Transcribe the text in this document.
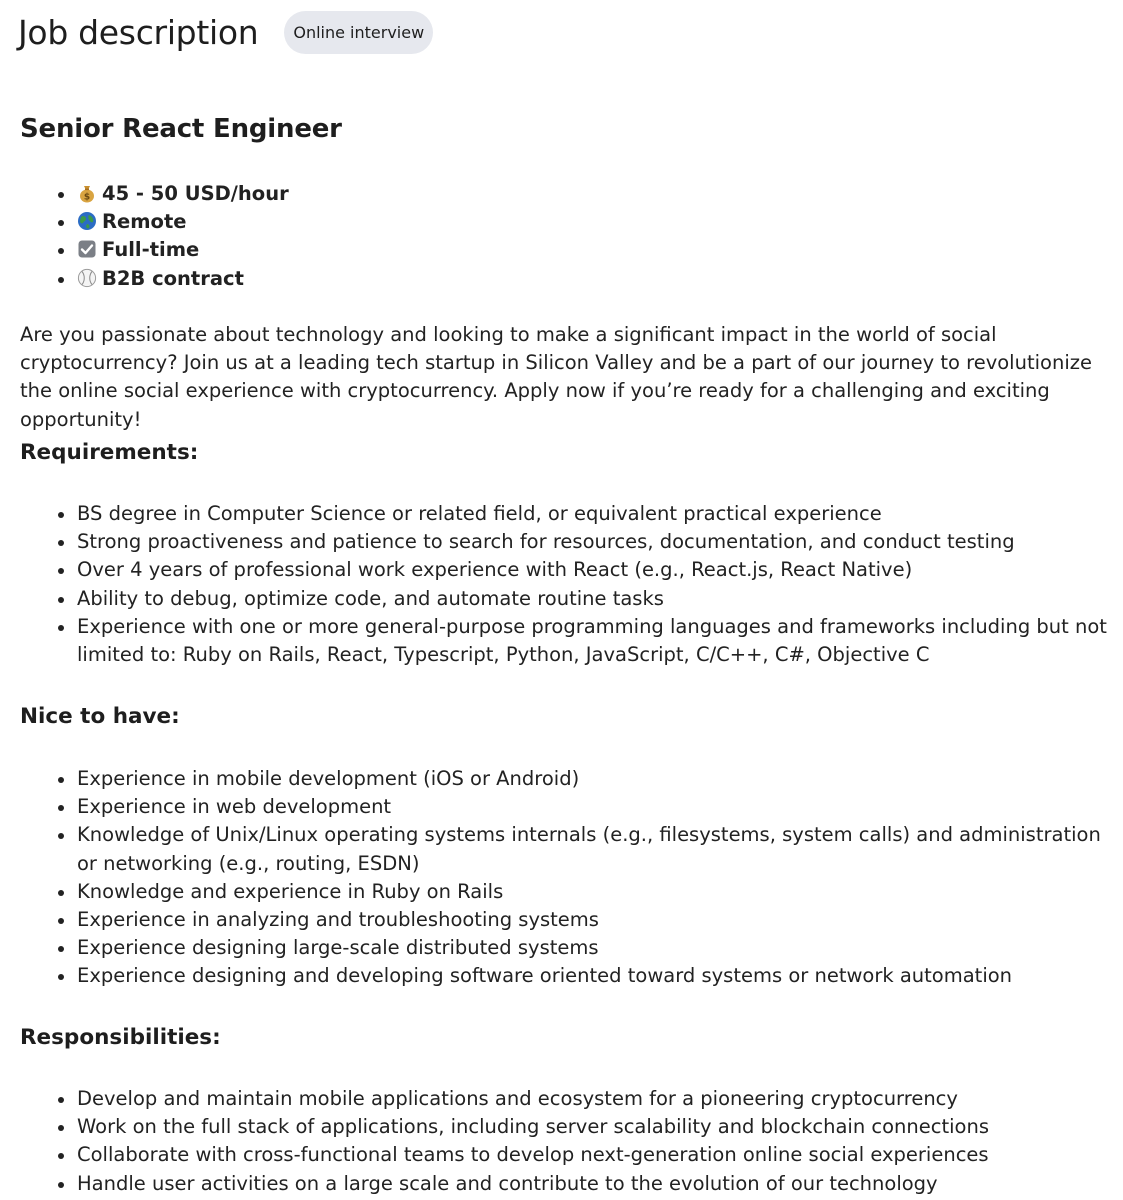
Job description	Online interview
Senior React Engineer
$ 45 - 50 USD/hour
Remote
Full-time
B2B contract

Are you passionate about technology and looking to make a significant impact in the world of social cryptocurrency? Join us at a leading tech startup in Silicon Valley and be a part of our journey to revolutionize the online social experience with cryptocurrency. Apply now if you’re ready for a challenging and exciting opportunity!

Requirements:
BS degree in Computer Science or related field, or equivalent practical experience
Strong proactiveness and patience to search for resources, documentation, and conduct testing
Over 4 years of professional work experience with React (e.g., React.js, React Native)
Ability to debug, optimize code, and automate routine tasks
Experience with one or more general-purpose programming languages and frameworks including but not limited to: Ruby on Rails, React, Typescript, Python, JavaScript, C/C++, C#, Objective C
Nice to have:
Experience in mobile development (iOS or Android)
Experience in web development
Knowledge of Unix/Linux operating systems internals (e.g., filesystems, system calls) and administration or networking (e.g., routing, ESDN)
Knowledge and experience in Ruby on Rails
Experience in analyzing and troubleshooting systems
Experience designing large-scale distributed systems
Experience designing and developing software oriented toward systems or network automation
Responsibilities:
Develop and maintain mobile applications and ecosystem for a pioneering cryptocurrency
Work on the full stack of applications, including server scalability and blockchain connections
Collaborate with cross-functional teams to develop next-generation online social experiences
Handle user activities on a large scale and contribute to the evolution of our technology
